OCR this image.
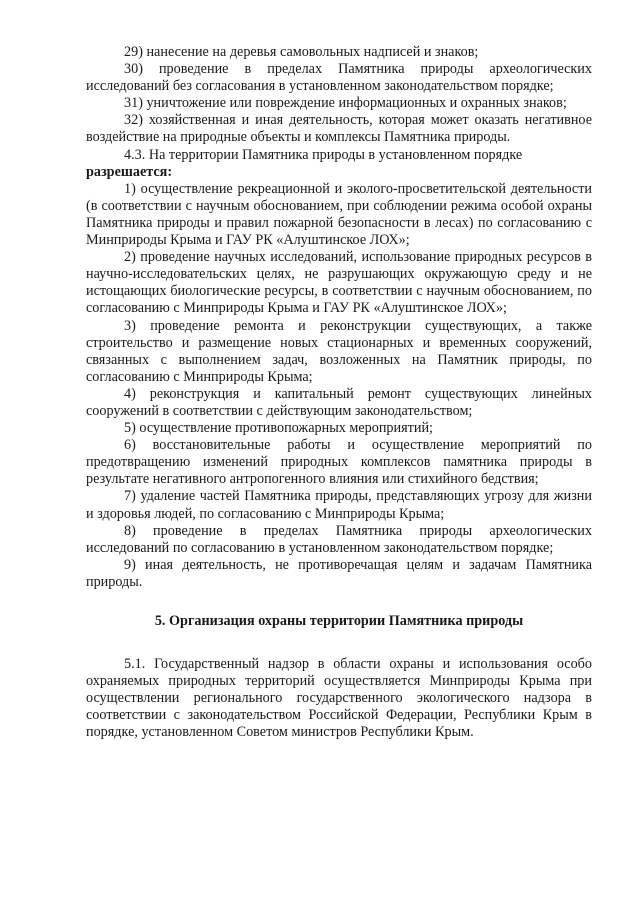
29) нанесение на деревья самовольных надписей и знаков;

30) проведение в пределах Памятника природы археологических исследований без согласования в установленном законодательством порядке;

31) уничтожение или повреждение информационных и охранных знаков;

32) хозяйственная и иная деятельность, которая может оказать негативное воздействие на природные объекты и комплексы Памятника природы.

4.3. На территории Памятника природы в установленном порядке
разрешается:

1) осуществление рекреационной и эколого-просветительской деятельности (в соответствии с научным обоснованием, при соблюдении режима особой охраны Памятника природы и правил пожарной безопасности в лесах) по согласованию с Минприроды Крыма и ГАУ РК «Алуштинское ЛОХ»;

2) проведение научных исследований, использование природных ресурсов в научно-исследовательских целях, не разрушающих окружающую среду и не истощающих биологические ресурсы, в соответствии с научным обоснованием, по согласованию с Минприроды Крыма и ГАУ РК «Алуштинское ЛОХ»;

3) проведение ремонта и реконструкции существующих, а также строительство и размещение новых стационарных и временных сооружений, связанных с выполнением задач, возложенных на Памятник природы, по согласованию с Минприроды Крыма;

4) реконструкция и капитальный ремонт существующих линейных сооружений в соответствии с действующим законодательством;

5) осуществление противопожарных мероприятий;

6) восстановительные работы и осуществление мероприятий по предотвращению изменений природных комплексов памятника природы в результате негативного антропогенного влияния или стихийного бедствия;

7) удаление частей Памятника природы, представляющих угрозу для жизни и здоровья людей, по согласованию с Минприроды Крыма;

8) проведение в пределах Памятника природы археологических исследований по согласованию в установленном законодательством порядке;

9) иная деятельность, не противоречащая целям и задачам Памятника природы.

5. Организация охраны территории Памятника природы

5.1. Государственный надзор в области охраны и использования особо охраняемых природных территорий осуществляется Минприроды Крыма при осуществлении регионального государственного экологического надзора в соответствии с законодательством Российской Федерации, Республики Крым в порядке, установленном Советом министров Республики Крым.
